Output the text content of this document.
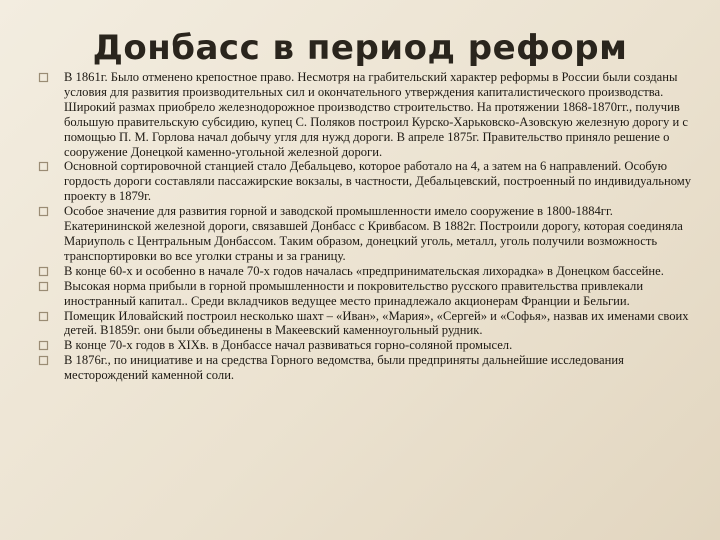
Донбасс в период реформ
В 1861г. Было отменено крепостное право. Несмотря на грабительский характер реформы в России были созданы условия для развития производительных сил и окончательного утверждения капиталистического производства. Широкий размах приобрело железнодорожное производство строительство. На протяжении 1868-1870гг., получив большую правительскую субсидию, купец С. Поляков построил Курско-Харьковско-Азовскую железную дорогу и с помощью П. М. Горлова начал добычу угля для нужд дороги. В апреле 1875г. Правительство приняло решение о сооружение Донецкой каменно-угольной железной дороги.
Основной сортировочной станцией стало Дебальцево, которое работало на 4, а затем на 6 направлений. Особую гордость дороги составляли пассажирские вокзалы, в частности, Дебальцевский, построенный по индивидуальному проекту в 1879г.
Особое значение для развития горной и заводской промышленности имело сооружение в 1800-1884гг. Екатерининской железной дороги, связавшей Донбасс с Кривбасом. В 1882г. Построили дорогу, которая соединяла Мариуполь с Центральным Донбассом. Таким образом, донецкий уголь, металл, уголь получили возможность транспортировки во все уголки страны и за границу.
В конце 60-х и особенно в начале 70-х годов началась «предпринимательская лихорадка» в Донецком бассейне.
Высокая норма прибыли в горной промышленности и покровительство русского правительства привлекали иностранный капитал.. Среди вкладчиков ведущее место принадлежало акционерам Франции и Бельгии.
Помещик Иловайский построил несколько шахт – «Иван», «Мария», «Сергей» и «Софья», назвав их именами своих детей. В1859г. они были объединены в Макеевский каменноугольный рудник.
В конце 70-х годов в XIXв. в Донбассе начал развиваться горно-соляной промысел.
В 1876г., по инициативе и на средства Горного ведомства, были предприняты дальнейшие исследования месторождений каменной соли.
